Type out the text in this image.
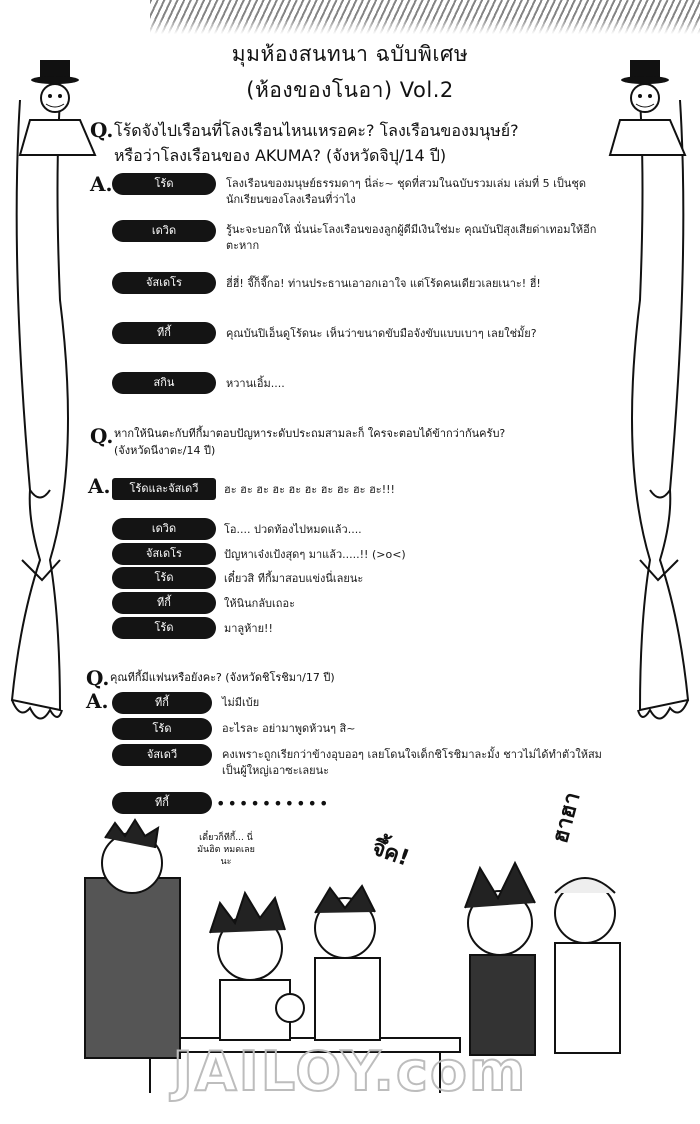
มุมห้องสนทนา ฉบับพิเศษ
(ห้องของโนอา) Vol.2
Q. โร้ดจังไปเรือนที่โลงเรือนไหนเหรอคะ? โลงเรือนของมนุษย์?
หรือว่าโลงเรือนของ AKUMA? (จังหวัดจิปุ/14 ปี)
A.	โร้ด	โลงเรือนของมนุษย์ธรรมดาๆ นี่ล่ะ~ ชุดที่สวมในฉบับรวมเล่ม เล่มที่ 5 เป็นชุดนักเรียนของโลงเรือนที่ว่าไง
เดวิด	รู้นะจะบอกให้ นั่นน่ะโลงเรือนของลูกผู้ดีมีเงินใช่มะ คุณบันปิสุงเสียด่าเทอมให้อีกตะหาก
จัสเดโร	ฮี่ฮี่! จี๊ก็จี๊กอ! ท่านประธานเอาอกเอาใจ แต่โร้ดคนเดียวเลยเนาะ! ฮี่!
ทีกี้	คุณบันปิเอ็นดูโร้ดนะ เห็นว่าขนาดขับมือจังขับแบบเบาๆ เลยใช่มั้ย?
สกิน	หวานเอิ้ม....
Q. หากให้นินตะกับทีกี้มาตอบปัญหาระดับประถมสามละก็ ใครจะตอบได้ข้ากว่ากันครับ?
(จังหวัดนีงาตะ/14 ปี)
A.	โร้ดและจัสเดวี	ฮะ ฮะ ฮะ ฮะ ฮะ ฮะ ฮะ ฮะ ฮะ ฮะ!!!
เดวิด	โอ.... ปวดท้องไปหมดแล้ว....
จัสเดโร	ปัญหาเจ๋งเป้งสุดๆ มาแล้ว.....!! (>o<)
โร้ด	เดี๋ยวสิ ทีกี้มาสอบแข่งนี่เลยนะ
ทีกี้	ให้นินกลับเถอะ
โร้ด	มาลูห้าย!!
Q. คุณทีกี้มีแฟนหรือยังคะ? (จังหวัดชิโรชิมา/17 ปี)
A.	ทีกี้	ไม่มีเบ้ย
โร้ด	อะไรละ อย่ามาพูดห้วนๆ สิ~
จัสเดวี	คงเพราะถูกเรียกว่าข้างอุบออๆ เลยโดนใจเด็กชิโรชิมาละมั้ง ชาวไม่ได้ทำตัวให้สมเป็นผู้ใหญ่เอาซะเลยนะ
ทีกี้	••••••••••
เดี๋ยวก็ทีกี้... นี่มันฮิต หมดเลยนะ	จึ้ค!
ฮาฮา
JAILOY.com
